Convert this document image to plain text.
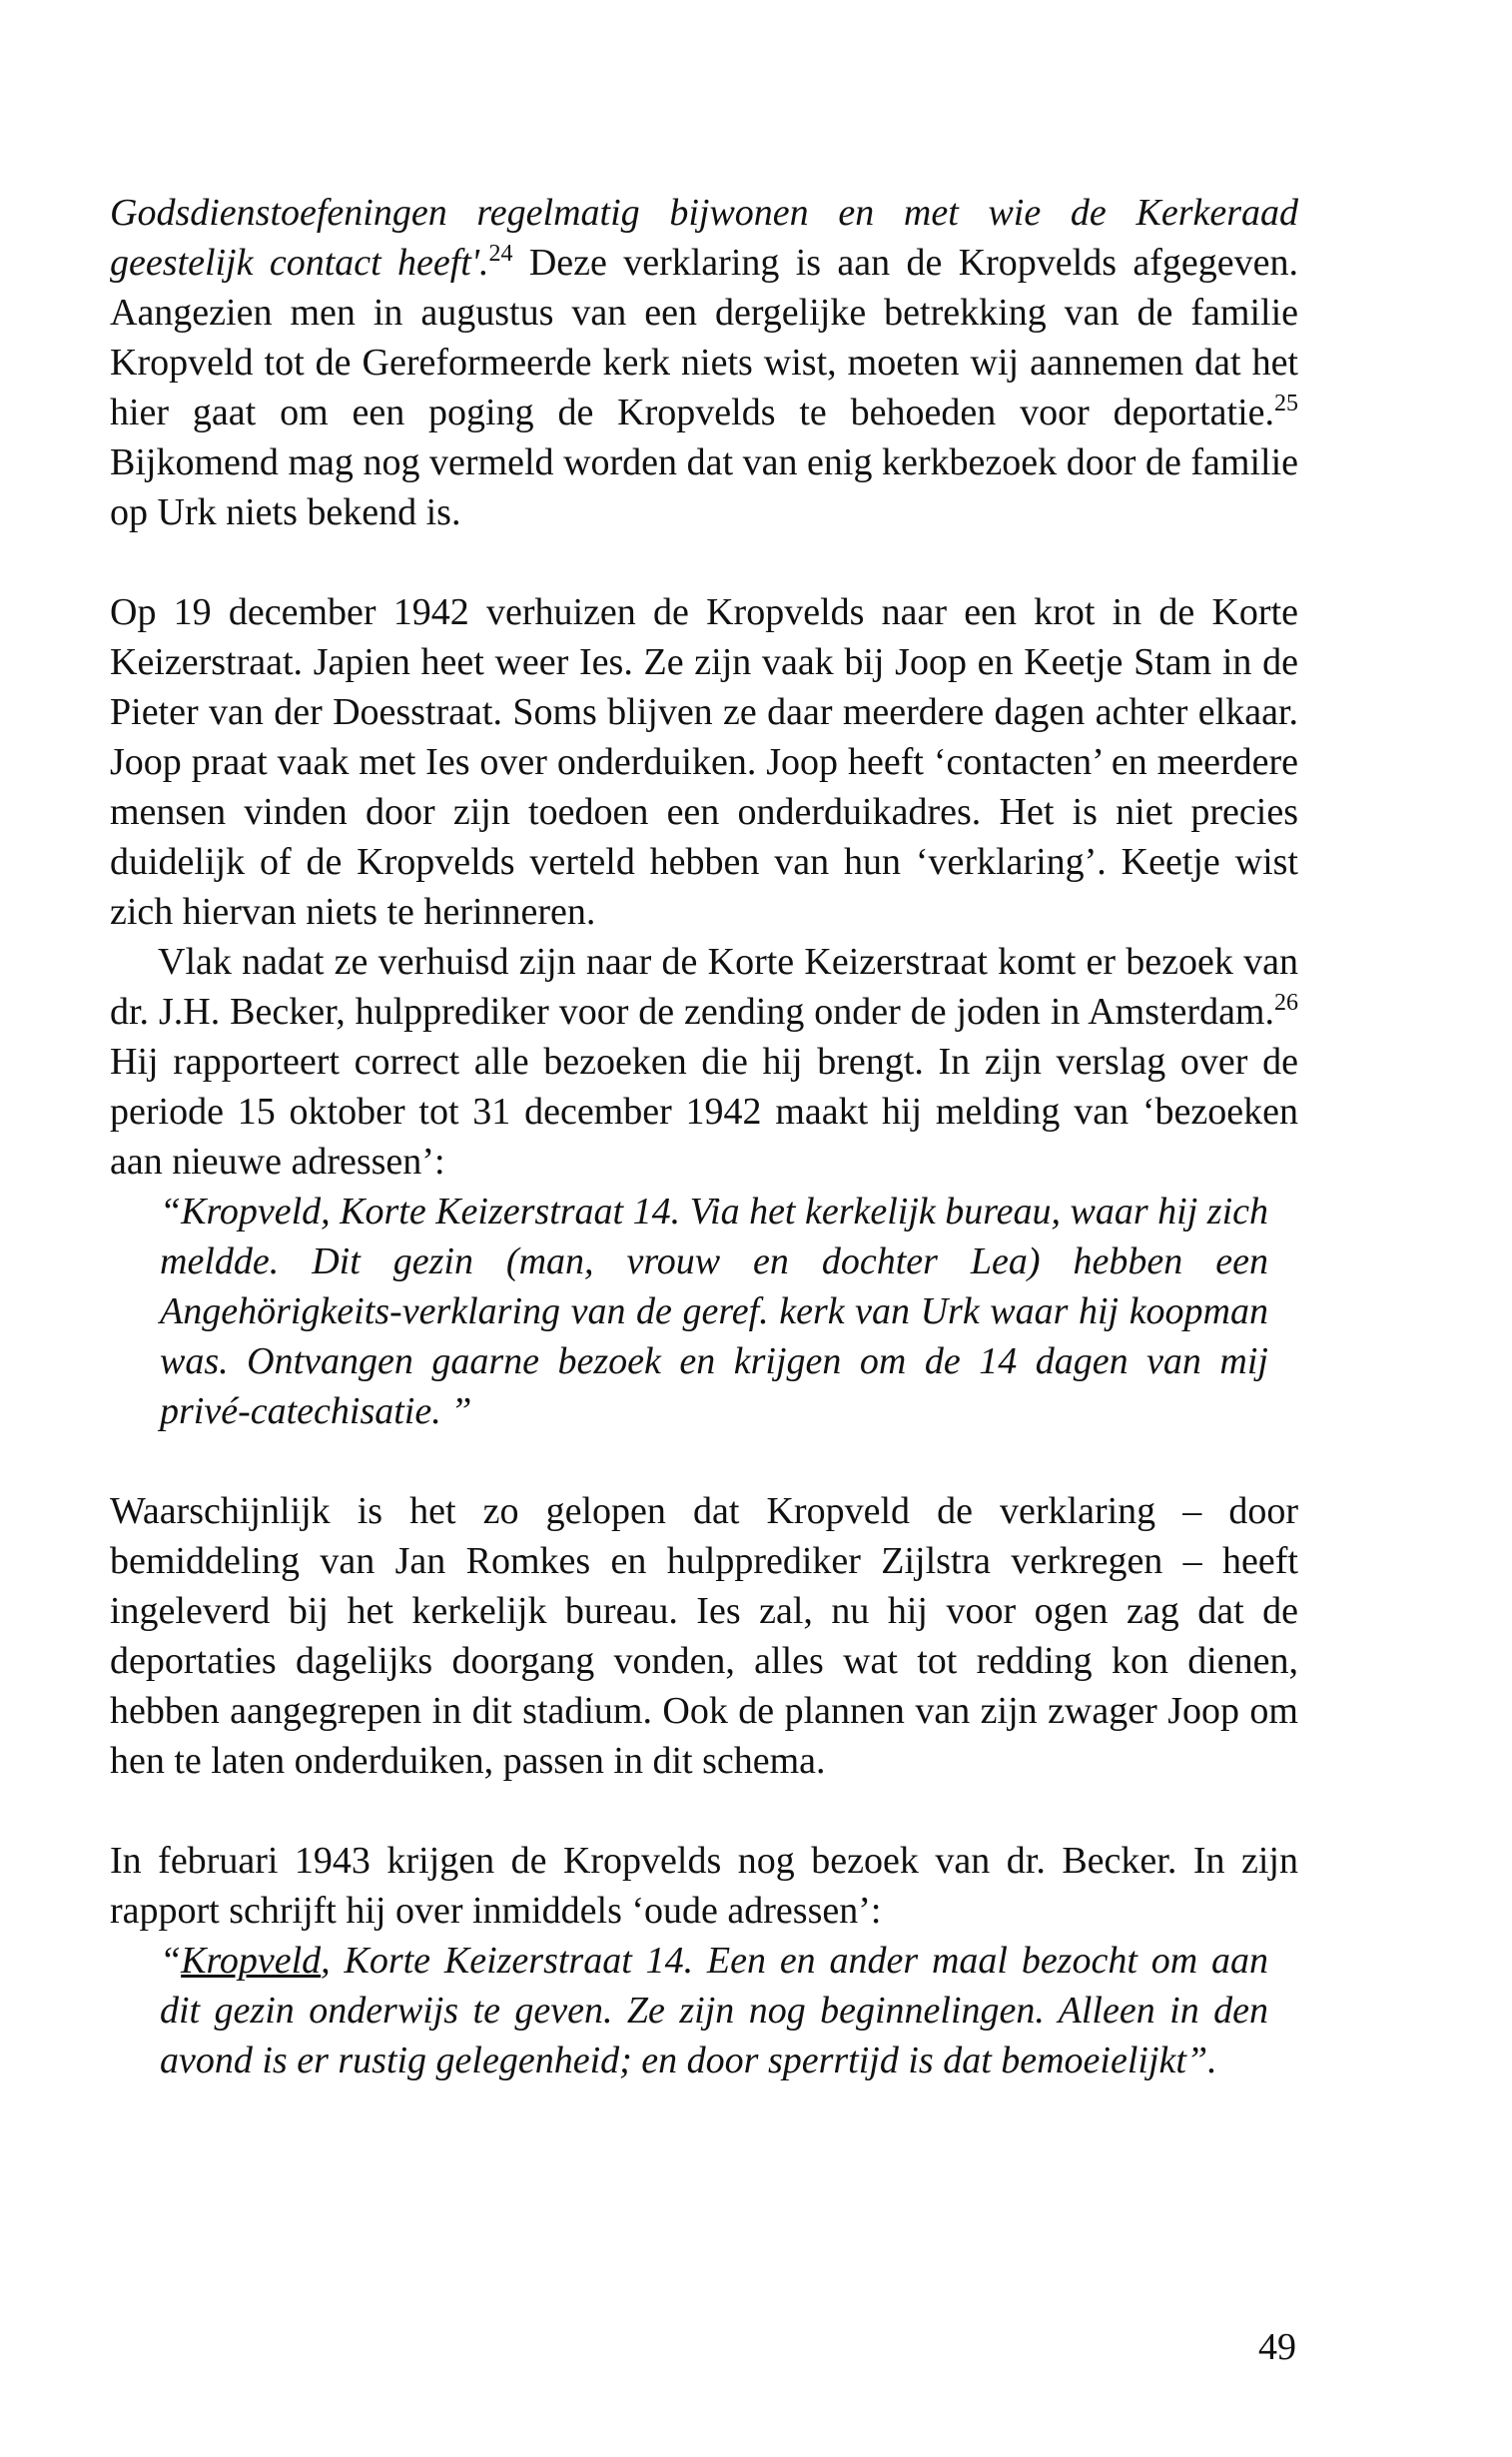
Godsdienstoefeningen regelmatig bijwonen en met wie de Kerkeraad geestelijk contact heeft'.$^{24}$ Deze verklaring is aan de Kropvelds afgegeven. Aangezien men in augustus van een dergelijke betrekking van de familie Kropveld tot de Gereformeerde kerk niets wist, moeten wij aannemen dat het hier gaat om een poging de Kropvelds te behoeden voor deportatie.$^{25}$ Bijkomend mag nog vermeld worden dat van enig kerkbezoek door de familie op Urk niets bekend is.

Op 19 december 1942 verhuizen de Kropvelds naar een krot in de Korte Keizerstraat. Japien heet weer Ies. Ze zijn vaak bij Joop en Keetje Stam in de Pieter van der Doesstraat. Soms blijven ze daar meerdere dagen achter elkaar. Joop praat vaak met Ies over onderduiken. Joop heeft ‘contacten’ en meerdere mensen vinden door zijn toedoen een onderduikadres. Het is niet precies duidelijk of de Kropvelds verteld hebben van hun ‘verklaring’. Keetje wist zich hiervan niets te herinneren.

Vlak nadat ze verhuisd zijn naar de Korte Keizerstraat komt er bezoek van dr. J.H. Becker, hulpprediker voor de zending onder de joden in Amsterdam.$^{26}$ Hij rapporteert correct alle bezoeken die hij brengt. In zijn verslag over de periode 15 oktober tot 31 december 1942 maakt hij melding van ‘bezoeken aan nieuwe adressen’:

“Kropveld, Korte Keizerstraat 14. Via het kerkelijk bureau, waar hij zich meldde. Dit gezin (man, vrouw en dochter Lea) hebben een Angehörigkeits-verklaring van de geref. kerk van Urk waar hij koopman was. Ontvangen gaarne bezoek en krijgen om de 14 dagen van mij privé-catechisatie. ”

Waarschijnlijk is het zo gelopen dat Kropveld de verklaring – door bemiddeling van Jan Romkes en hulpprediker Zijlstra verkregen – heeft ingeleverd bij het kerkelijk bureau. Ies zal, nu hij voor ogen zag dat de deportaties dagelijks doorgang vonden, alles wat tot redding kon dienen, hebben aangegrepen in dit stadium. Ook de plannen van zijn zwager Joop om hen te laten onderduiken, passen in dit schema.

In februari 1943 krijgen de Kropvelds nog bezoek van dr. Becker. In zijn rapport schrijft hij over inmiddels ‘oude adressen’:

“Kropveld, Korte Keizerstraat 14. Een en ander maal bezocht om aan dit gezin onderwijs te geven. Ze zijn nog beginnelingen. Alleen in den avond is er rustig gelegenheid; en door sperrtijd is dat bemoeielijkt”.

49
